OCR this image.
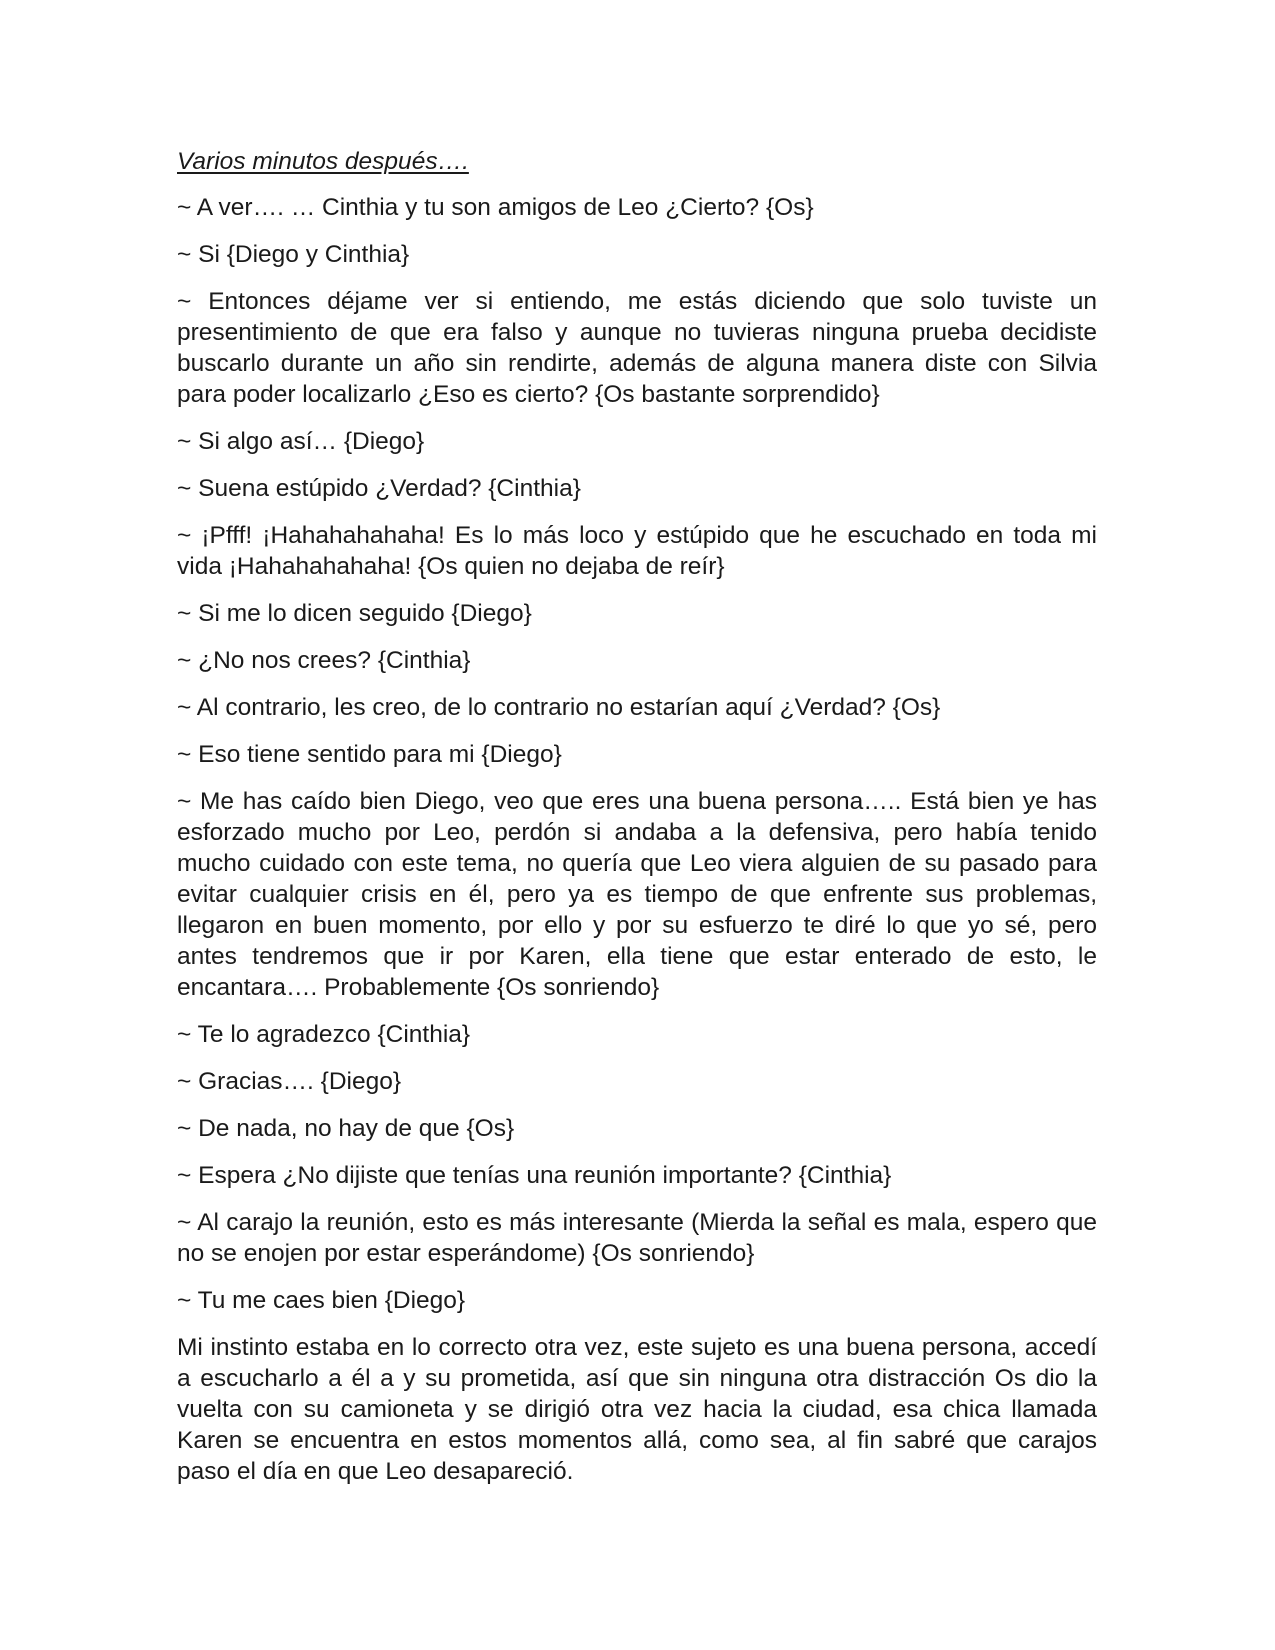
Varios minutos después….

~ A ver…. … Cinthia y tu son amigos de Leo ¿Cierto? {Os}

~ Si {Diego y Cinthia}

~ Entonces déjame ver si entiendo, me estás diciendo que solo tuviste un presentimiento de que era falso y aunque no tuvieras ninguna prueba decidiste buscarlo durante un año sin rendirte, además de alguna manera diste con Silvia para poder localizarlo ¿Eso es cierto? {Os bastante sorprendido}

~ Si algo así… {Diego}

~ Suena estúpido ¿Verdad? {Cinthia}

~ ¡Pfff! ¡Hahahahahaha! Es lo más loco y estúpido que he escuchado en toda mi vida ¡Hahahahahaha! {Os quien no dejaba de reír}

~ Si me lo dicen seguido {Diego}

~ ¿No nos crees? {Cinthia}

~ Al contrario, les creo, de lo contrario no estarían aquí ¿Verdad? {Os}

~ Eso tiene sentido para mi {Diego}

~ Me has caído bien Diego, veo que eres una buena persona….. Está bien ye has esforzado mucho por Leo, perdón si andaba a la defensiva, pero había tenido mucho cuidado con este tema, no quería que Leo viera alguien de su pasado para evitar cualquier crisis en él, pero ya es tiempo de que enfrente sus problemas, llegaron en buen momento, por ello y por su esfuerzo te diré lo que yo sé, pero antes tendremos que ir por Karen, ella tiene que estar enterado de esto, le encantara…. Probablemente {Os sonriendo}

~ Te lo agradezco {Cinthia}

~ Gracias…. {Diego}

~ De nada, no hay de que {Os}

~ Espera ¿No dijiste que tenías una reunión importante? {Cinthia}

~ Al carajo la reunión, esto es más interesante (Mierda la señal es mala, espero que no se enojen por estar esperándome) {Os sonriendo}

~ Tu me caes bien {Diego}

Mi instinto estaba en lo correcto otra vez, este sujeto es una buena persona, accedí a escucharlo a él a y su prometida, así que sin ninguna otra distracción Os dio la vuelta con su camioneta y se dirigió otra vez hacia la ciudad, esa chica llamada Karen se encuentra en estos momentos allá, como sea, al fin sabré que carajos paso el día en que Leo desapareció.
